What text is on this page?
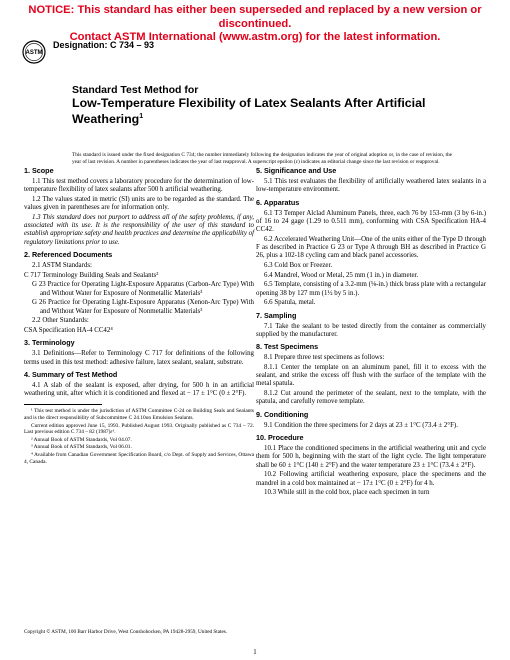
NOTICE: This standard has either been superseded and replaced by a new version or discontinued.
Contact ASTM International (www.astm.org) for the latest information.
ASTM
Designation: C 734 – 93
Standard Test Method for
Low-Temperature Flexibility of Latex Sealants After Artificial
Weathering$^1$
This standard is issued under the fixed designation C 734; the number immediately following the designation indicates the year of original adoption or, in the case of revision, the year of last revision. A number in parentheses indicates the year of last reapproval. A superscript epsilon (ε) indicates an editorial change since the last revision or reapproval.
1. Scope
1.1 This test method covers a laboratory procedure for the determination of low-temperature flexibility of latex sealants after 500 h artificial weathering.
1.2 The values stated in metric (SI) units are to be regarded as the standard. The values given in parentheses are for information only.
1.3 This standard does not purport to address all of the safety problems, if any, associated with its use. It is the responsibility of the user of this standard to establish appropriate safety and health practices and determine the applicability of regulatory limitations prior to use.
2. Referenced Documents
2.1 ASTM Standards:
C 717 Terminology Building Seals and Sealants²
G 23 Practice for Operating Light-Exposure Apparatus (Carbon-Arc Type) With and Without Water for Exposure of Nonmetallic Materials³
G 26 Practice for Operating Light-Exposure Apparatus (Xenon-Arc Type) With and Without Water for Exposure of Nonmetallic Materials³
2.2 Other Standards:
CSA Specification HA-4 CC42⁴
3. Terminology
3.1 Definitions—Refer to Terminology C 717 for definitions of the following terms used in this test method: adhesive failure, latex sealant, sealant, substrate.
4. Summary of Test Method
4.1 A slab of the sealant is exposed, after drying, for 500 h in an artificial weathering unit, after which it is conditioned and flexed at − 17 ± 1°C (0 ± 2°F).
¹ This test method is under the jurisdiction of ASTM Committee C-24 on Building Seals and Sealants and is the direct responsibility of Subcommittee C 24.10on Emulsion Sealants.
Current edition approved June 15, 1993. Published August 1993. Originally published as C 734 – 72. Last previous edition C 734 – 82 (1987)ε¹.
² Annual Book of ASTM Standards, Vol 04.07.
³ Annual Book of ASTM Standards, Vol 06.01.
⁴ Available from Canadian Government Specification Board, c/o Dept. of Supply and Services, Ottawa 4, Canada.
5. Significance and Use
5.1 This test evaluates the flexibility of artificially weathered latex sealants in a low-temperature environment.
6. Apparatus
6.1 T3 Temper Alclad Aluminum Panels, three, each 76 by 153-mm (3 by 6-in.) of 16 to 24 gage (1.29 to 0.511 mm), conforming with CSA Specification HA-4 CC42.
6.2 Accelerated Weathering Unit—One of the units either of the Type D through F as described in Practice G 23 or Type A through BH as described in Practice G 26, plus a 102-18 cycling cam and black panel accessories.
6.3 Cold Box or Freezer.
6.4 Mandrel, Wood or Metal, 25 mm (1 in.) in diameter.
6.5 Template, consisting of a 3.2-mm (⅛-in.) thick brass plate with a rectangular opening 38 by 127 mm (1½ by 5 in.).
6.6 Spatula, metal.
7. Sampling
7.1 Take the sealant to be tested directly from the container as commercially supplied by the manufacturer.
8. Test Specimens
8.1 Prepare three test specimens as follows:
8.1.1 Center the template on an aluminum panel, fill it to excess with the sealant, and strike the excess off flush with the surface of the template with the metal spatula.
8.1.2 Cut around the perimeter of the sealant, next to the template, with the spatula, and carefully remove template.
9. Conditioning
9.1 Condition the three specimens for 2 days at 23 ± 1°C (73.4 ± 2°F).
10. Procedure
10.1 Place the conditioned specimens in the artificial weathering unit and cycle them for 500 h, beginning with the start of the light cycle. The light temperature shall be 60 ± 1°C (140 ± 2°F) and the water temperature 23 ± 1°C (73.4 ± 2°F).
10.2 Following artificial weathering exposure, place the specimens and the mandrel in a cold box maintained at − 17± 1°C (0 ± 2°F) for 4 h.
10.3 While still in the cold box, place each specimen in turn
Copyright © ASTM, 100 Barr Harbor Drive, West Conshohocken, PA 19428-2959, United States.
1
